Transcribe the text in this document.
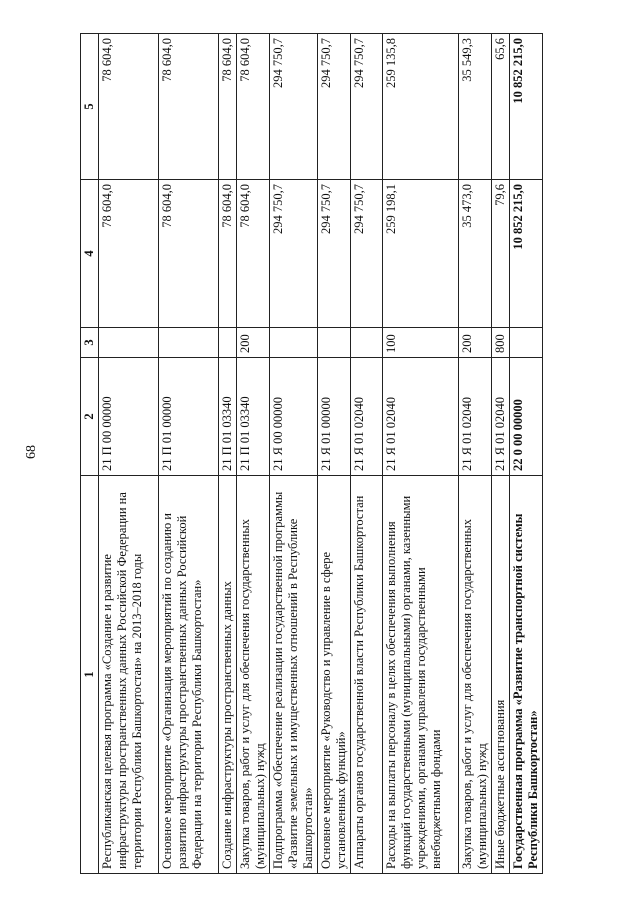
68
1	2	3	4	5
Республиканская целевая программа «Создание и развитие инфраструктуры пространственных данных Российской Федерации на территории Республики Башкортостан» на 2013–2018 годы	21 П 00 00000		78 604,0	78 604,0
Основное мероприятие «Организация мероприятий по созданию и развитию инфраструктуры пространственных данных Российской Федерации на территории Республики Башкортостан»	21 П 01 00000		78 604,0	78 604,0
Создание инфраструктуры пространственных данных	21 П 01 03340		78 604,0	78 604,0
Закупка товаров, работ и услуг для обеспечения государственных (муниципальных) нужд	21 П 01 03340	200	78 604,0	78 604,0
Подпрограмма «Обеспечение реализации государственной программы «Развитие земельных и имущественных отношений в Республике Башкортостан»	21 Я 00 00000		294 750,7	294 750,7
Основное мероприятие «Руководство и управление в сфере установленных функций»	21 Я 01 00000		294 750,7	294 750,7
Аппараты органов государственной власти Республики Башкортостан	21 Я 01 02040		294 750,7	294 750,7
Расходы на выплаты персоналу в целях обеспечения выполнения функций государственными (муниципальными) органами, казенными учреждениями, органами управления государственными внебюджетными фондами	21 Я 01 02040	100	259 198,1	259 135,8
Закупка товаров, работ и услуг для обеспечения государственных (муниципальных) нужд	21 Я 01 02040	200	35 473,0	35 549,3
Иные бюджетные ассигнования	21 Я 01 02040	800	79,6	65,6
Государственная программа «Развитие транспортной системы Республики Башкортостан»	22 0 00 00000		10 852 215,0	10 852 215,0
